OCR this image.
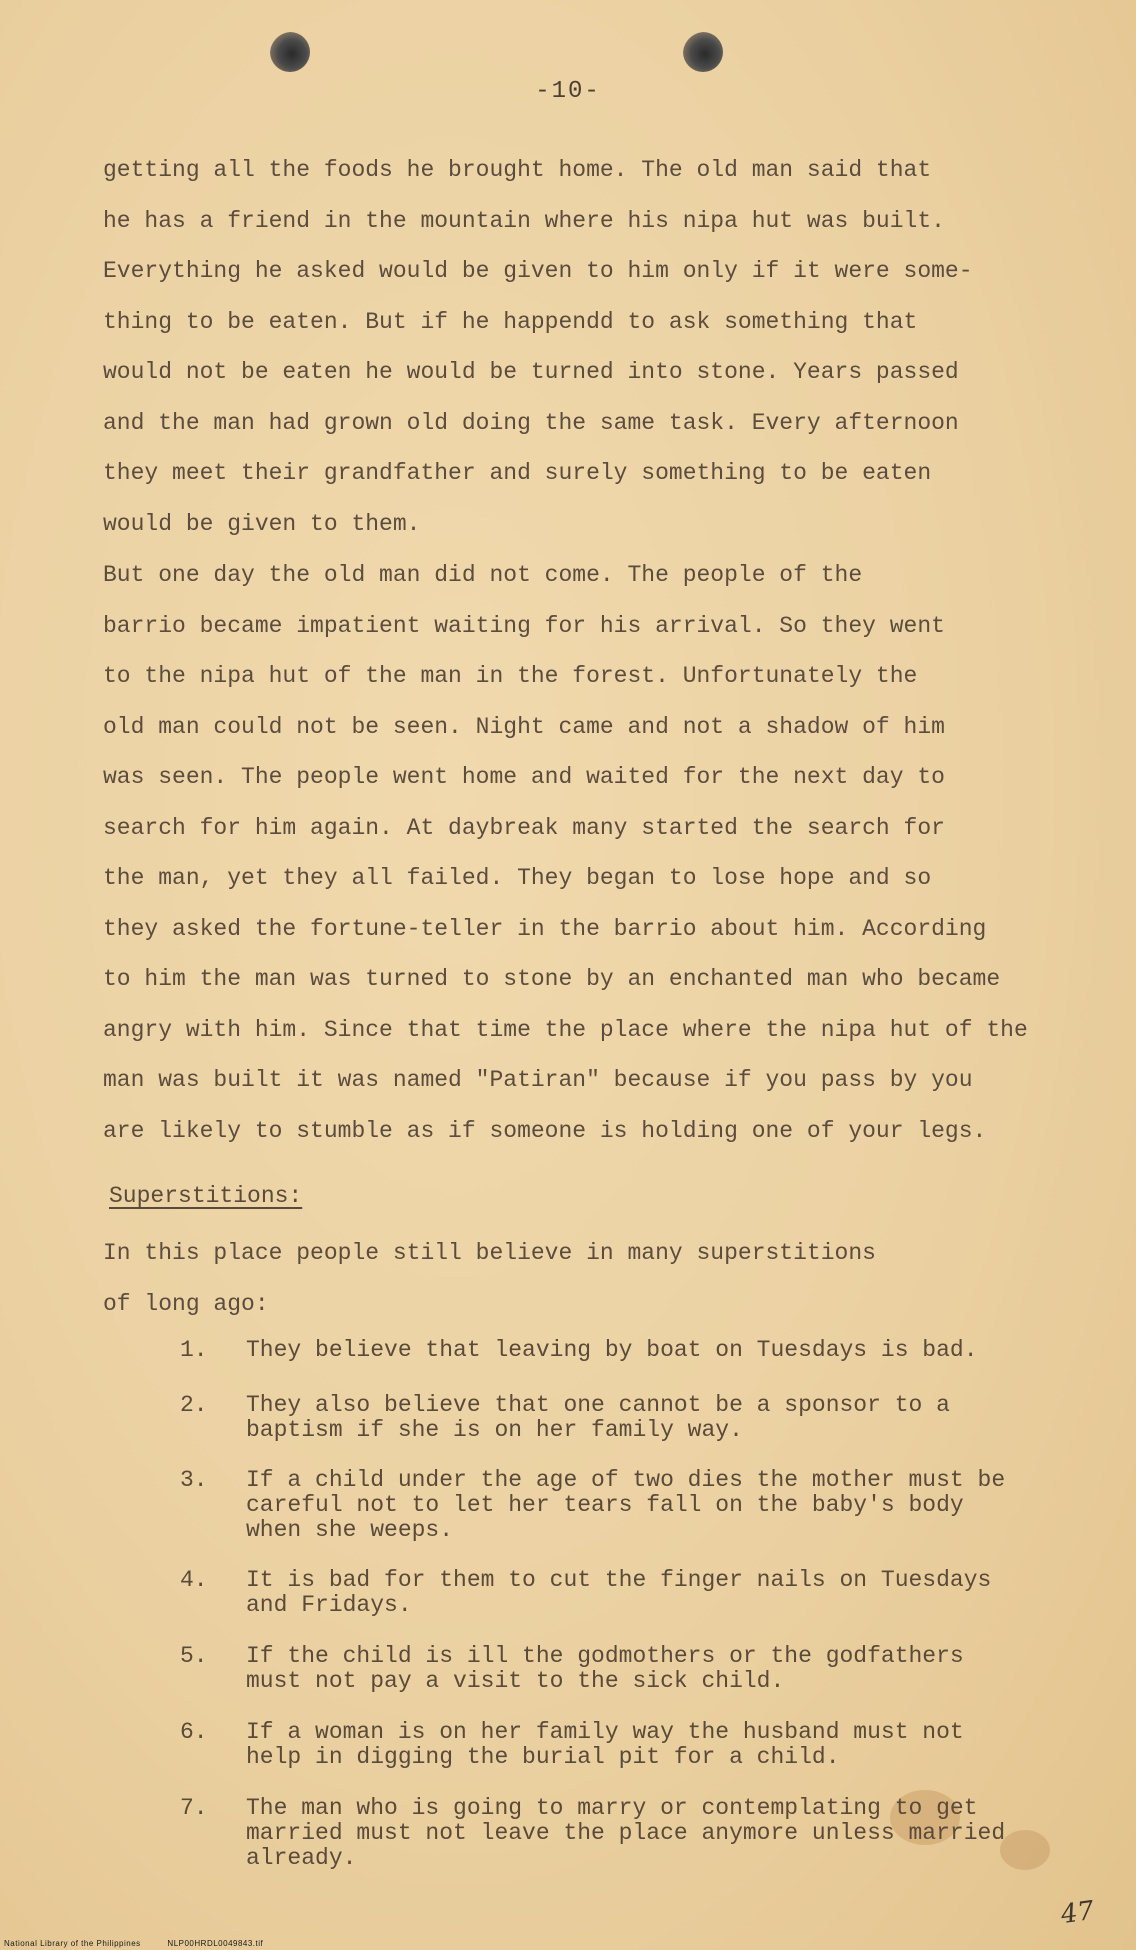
-10-
getting all the foods he brought home. The old man said that
he has a friend in the mountain where his nipa hut was built.
Everything he asked would be given to him only if it were some-
thing to be eaten. But if he happendd to ask something that
would not be eaten he would be turned into stone. Years passed
and the man had grown old doing the same task. Every afternoon
they meet their grandfather and surely something to be eaten
would be given to them.
But one day the old man did not come. The people of the
barrio became impatient waiting for his arrival. So they went
to the nipa hut of the man in the forest. Unfortunately the
old man could not be seen. Night came and not a shadow of him
was seen. The people went home and waited for the next day to
search for him again. At daybreak many started the search for
the man, yet they all failed. They began to lose hope and so
they asked the fortune-teller in the barrio about him. According
to him the man was turned to stone by an enchanted man who became
angry with him. Since that time the place where the nipa hut of the
man was built it was named "Patiran" because if you pass by you
are likely to stumble as if someone is holding one of your legs.
Superstitions:
In this place people still believe in many superstitions
of long ago:
1.	They believe that leaving by boat on Tuesdays is bad.
2.	They also believe that one cannot be a sponsor to a
baptism if she is on her family way.
3.	If a child under the age of two dies the mother must be
careful not to let her tears fall on the baby's body
when she weeps.
4.	It is bad for them to cut the finger nails on Tuesdays
and Fridays.
5.	If the child is ill the godmothers or the godfathers
must not pay a visit to the sick child.
6.	If a woman is on her family way the husband must not
help in digging the burial pit for a child.
7.	The man who is going to marry or contemplating to get
married must not leave the place anymore unless married
already.
47
National Library of the Philippines	NLP00HRDL0049843.tif
